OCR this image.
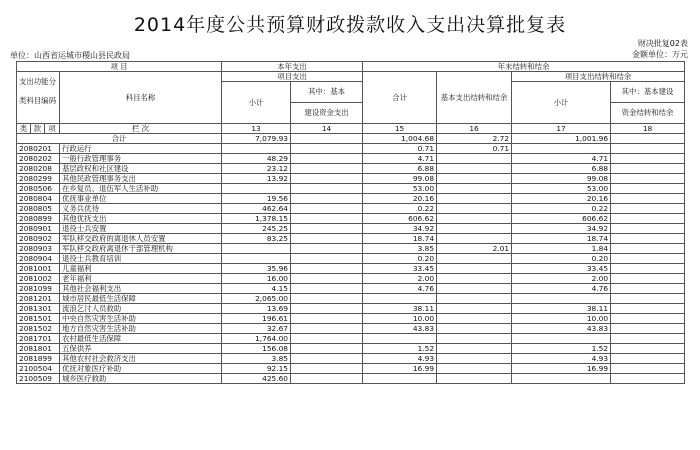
2014年度公共预算财政拨款收入支出决算批复表
财决批复02表
金额单位：万元
单位：山西省运城市稷山县民政局
项 目				本年支出		年末结转和结余			

支出功能分
类科目编码			科目名称	项目支出		合计	基本支出结转和结余	项目支出结转和结余	
				小计	其中：基本			小计	其中：基本建设
					建设资金支出				资金结转和结余
类	款	项	栏 次	13	14	15	16	17	18
合计				7,079.93		1,004.68	2.72	1,001.96	
2080201			行政运行			0.71	0.71		
2080202			一般行政管理事务	48.29		4.71		4.71	
2080208			基层政权和社区建设	23.12		6.88		6.88	
2080299			其他民政管理事务支出	13.92		99.08		99.08	
2080506			在乡复员、退伍军人生活补助			53.00		53.00	
2080804			优抚事业单位	19.56		20.16		20.16	
2080805			义务兵优待	462.64		0.22		0.22	
2080899			其他优抚支出	1,378.15		606.62		606.62	
2080901			退役士兵安置	245.25		34.92		34.92	
2080902			军队移交政府的离退休人员安置	83.25		18.74		18.74	
2080903			军队移交政府离退休干部管理机构			3.85	2.01	1.84	
2080904			退役士兵教育培训			0.20		0.20	
2081001			儿童福利	35.96		33.45		33.45	
2081002			老年福利	16.00		2.00		2.00	
2081099			其他社会福利支出	4.15		4.76		4.76	
2081201			城市居民最低生活保障	2,065.00					
2081301			流浪乞讨人员救助	13.69		38.11		38.11	
2081501			中央自然灾害生活补助	196.61		10.00		10.00	
2081502			地方自然灾害生活补助	32.67		43.83		43.83	
2081701			农村最低生活保障	1,764.00					
2081801			五保供养	156.08		1.52		1.52	
2081899			其他农村社会救济支出	3.85		4.93		4.93	
2100504			优抚对象医疗补助	92.15		16.99		16.99	
2100509			城乡医疗救助	425.60					
